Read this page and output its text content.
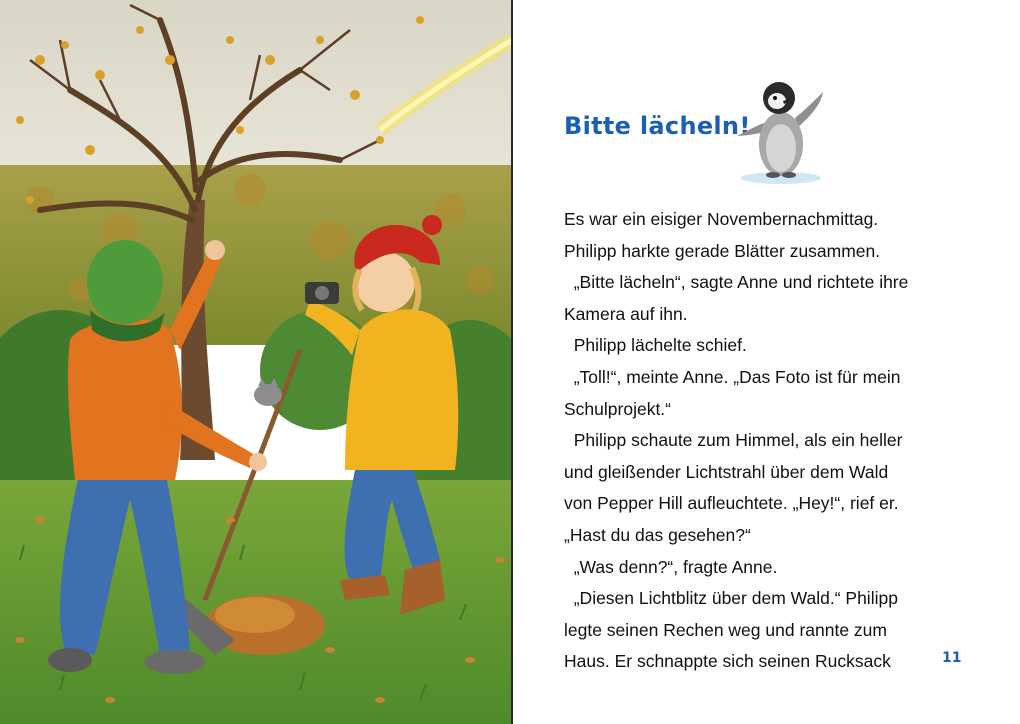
Bitte lächeln!
Es war ein eisiger Novembernachmittag.
Philipp harkte gerade Blätter zusammen.
„Bitte lächeln“, sagte Anne und richtete ihre
Kamera auf ihn.
Philipp lächelte schief.
„Toll!“, meinte Anne. „Das Foto ist für mein
Schulprojekt.“
Philipp schaute zum Himmel, als ein heller
und gleißender Lichtstrahl über dem Wald
von Pepper Hill aufleuchtete. „Hey!“, rief er.
„Hast du das gesehen?“
„Was denn?“, fragte Anne.
„Diesen Lichtblitz über dem Wald.“ Philipp
legte seinen Rechen weg und rannte zum
Haus. Er schnappte sich seinen Rucksack	11
